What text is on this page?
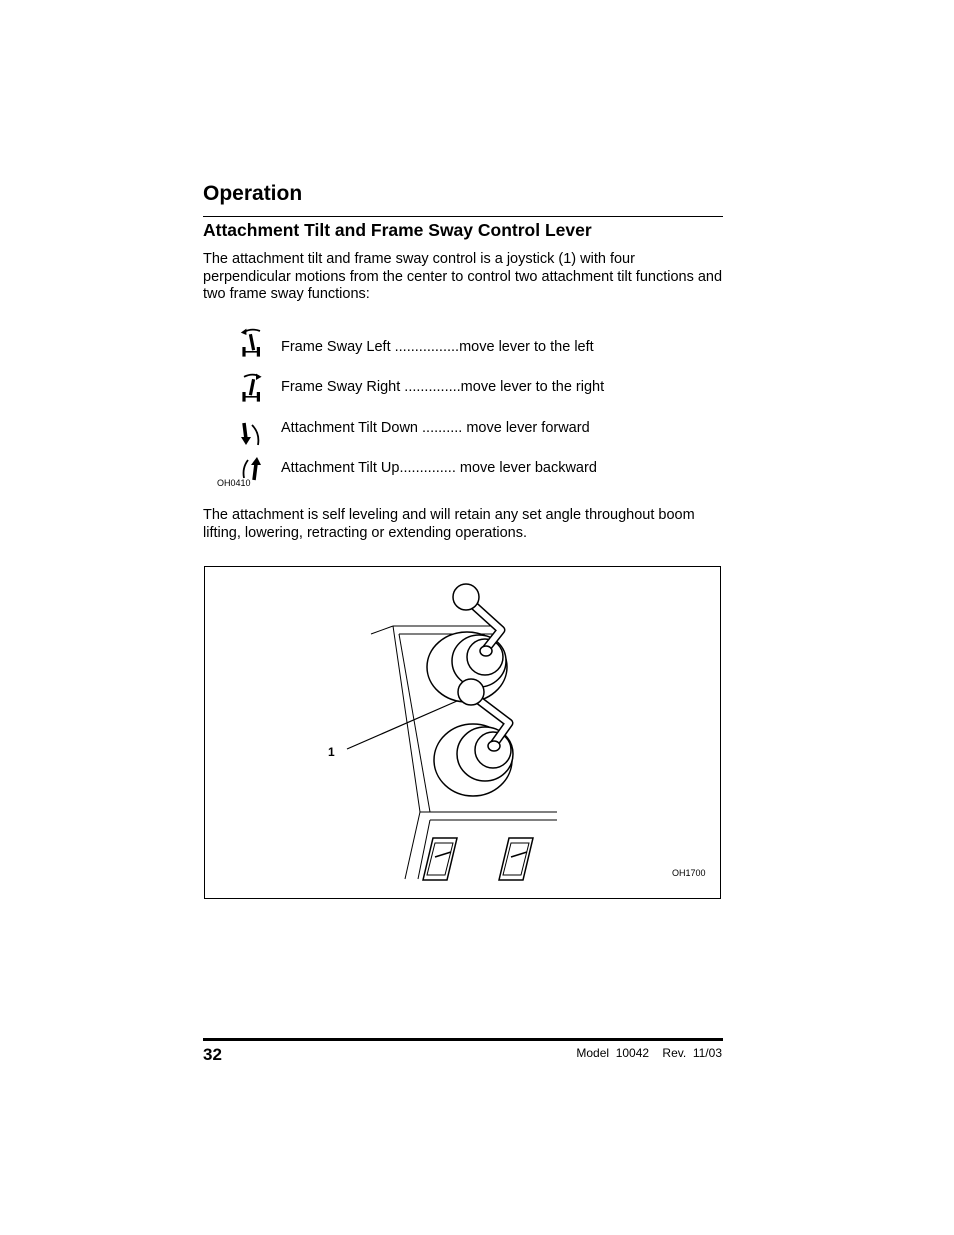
Operation
Attachment Tilt and Frame Sway Control Lever

The attachment tilt and frame sway control is a joystick (1) with four perpendicular motions from the center to control two attachment tilt functions and two frame sway functions:

Frame Sway Left ................move lever to the left
Frame Sway Right ..............move lever to the right
Attachment Tilt Down .......... move lever forward
Attachment Tilt Up.............. move lever backward
OH0410

The attachment is self leveling and will retain any set angle throughout boom lifting, lowering, retracting or extending operations.

1
OH1700
32	Model  10042    Rev.  11/03
